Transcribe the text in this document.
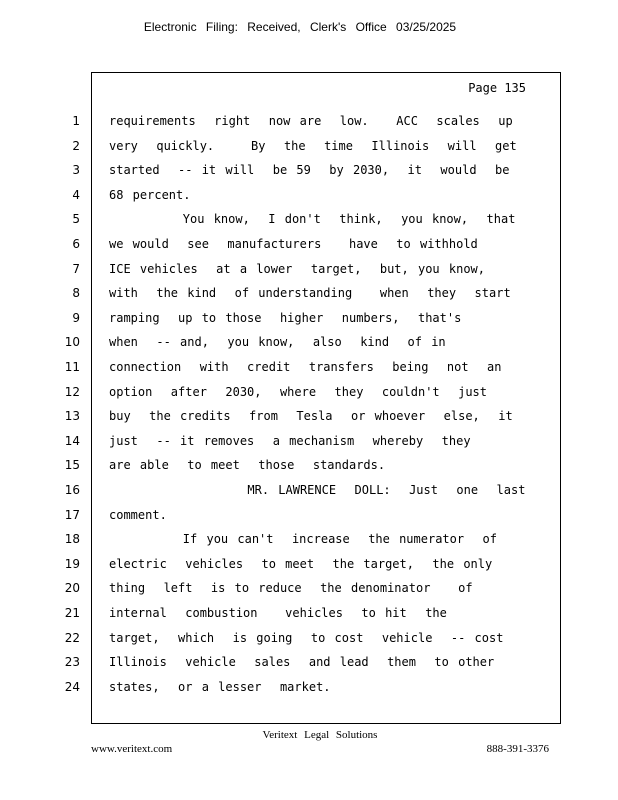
Electronic Filing: Received, Clerk's Office 03/25/2025
Page 135
1 requirements  right  now are  low.   ACC  scales  up
2 very  quickly.    By  the  time  Illinois  will  get
3 started  -- it will  be 59  by 2030,  it  would  be
4 68 percent.
5 You know,  I don't  think,  you know,  that
6 we would  see  manufacturers   have  to withhold
7 ICE vehicles  at a lower  target,  but, you know,
8 with  the kind  of understanding   when  they  start
9 ramping  up to those  higher  numbers,  that's
10 when  -- and,  you know,  also  kind  of in
11 connection  with  credit  transfers  being  not  an
12 option  after  2030,  where  they  couldn't  just
13 buy  the credits  from  Tesla  or whoever  else,  it
14 just  -- it removes  a mechanism  whereby  they
15 are able  to meet  those  standards.
16 MR. LAWRENCE  DOLL:  Just  one  last
17 comment.
18 If you can't  increase  the numerator  of
19 electric  vehicles  to meet  the target,  the only
20 thing  left  is to reduce  the denominator   of
21 internal  combustion   vehicles  to hit  the
22 target,  which  is going  to cost  vehicle  -- cost
23 Illinois  vehicle  sales  and lead  them  to other
24 states,  or a lesser  market.
Veritext Legal Solutions
www.veritext.com	888-391-3376
